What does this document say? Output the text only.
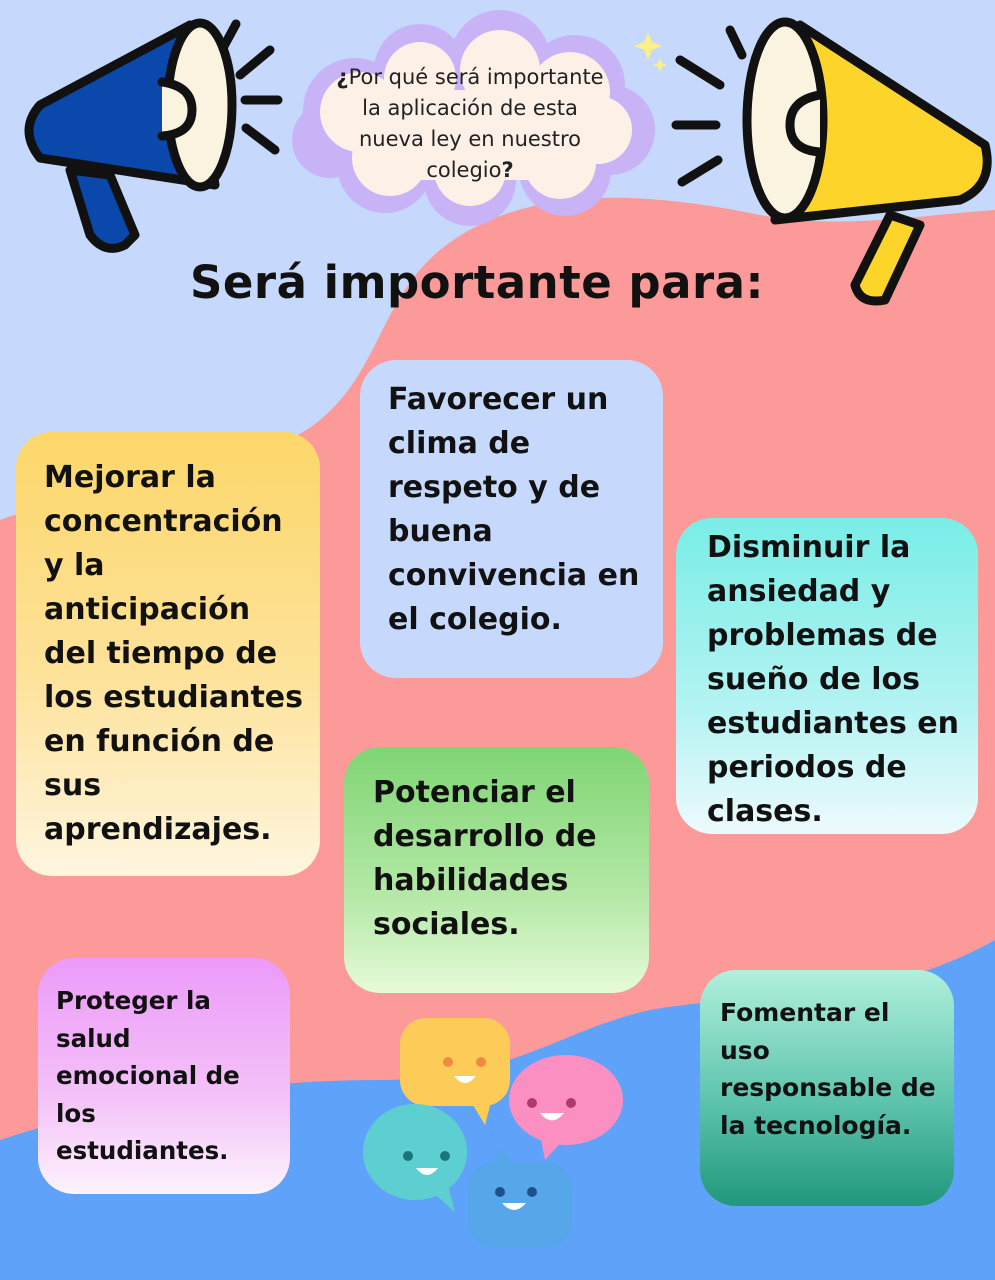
¿Por qué será importante la aplicación de esta nueva ley en nuestro colegio?
Será importante para:
Mejorar la
concentración
y la
anticipación
del tiempo de
los estudiantes
en función de
sus
aprendizajes.
Favorecer un
clima de
respeto y de
buena
convivencia en
el colegio.
Disminuir la
ansiedad y
problemas de
sueño de los
estudiantes en
periodos de
clases.
Potenciar el
desarrollo de
habilidades
sociales.
Proteger la
salud
emocional de
los
estudiantes.
Fomentar el
uso
responsable de
la tecnología.
